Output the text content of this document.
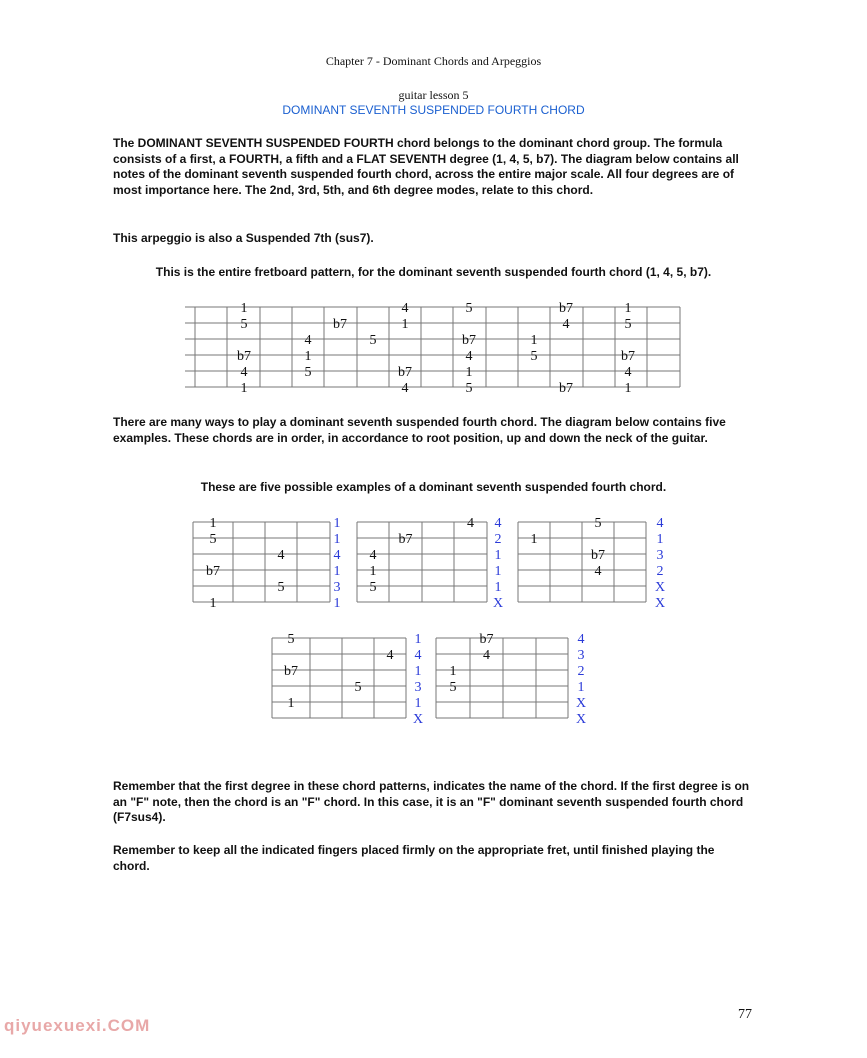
Chapter 7 - Dominant Chords and Arpeggios
guitar lesson 5
DOMINANT SEVENTH SUSPENDED FOURTH CHORD

The DOMINANT SEVENTH SUSPENDED FOURTH chord belongs to the dominant chord group. The formula consists of a first, a FOURTH, a fifth and a FLAT SEVENTH degree (1, 4, 5, b7). The diagram below contains all notes of the dominant seventh suspended fourth chord, across the entire major scale. All four degrees are of most importance here. The 2nd, 3rd, 5th, and 6th degree modes, relate to this chord.

This arpeggio is also a Suspended 7th (sus7).

This is the entire fretboard pattern, for the dominant seventh suspended fourth chord (1, 4, 5, b7).

1	4	5	b7	1
5	b7	1	4	5
4	5	b7	1
b7	1	4	5	b7
4	5	b7	1	4
1	4	5	b7	1

There are many ways to play a dominant seventh suspended fourth chord. The diagram below contains five examples. These chords are in order, in accordance to root position, up and down the neck of the guitar.

These are five possible examples of a dominant seventh suspended fourth chord.

1
5
4
b7
5
1
1
1
4
1
3
1
4
b7
4
1
5
4
2
1
1
1
X
5
1
b7
4
4
1
3
2
X
X
5
4
b7
5
1
1
4
1
3
1
X
b7
4
1
5
4
3
2
1
X
X

Remember that the first degree in these chord patterns, indicates the name of the chord. If the first degree is on an "F" note, then the chord is an "F" chord. In this case, it is an "F" dominant seventh suspended fourth chord (F7sus4).

Remember to keep all the indicated fingers placed firmly on the appropriate fret, until finished playing the chord.

qiyuexuexi.COM
77
